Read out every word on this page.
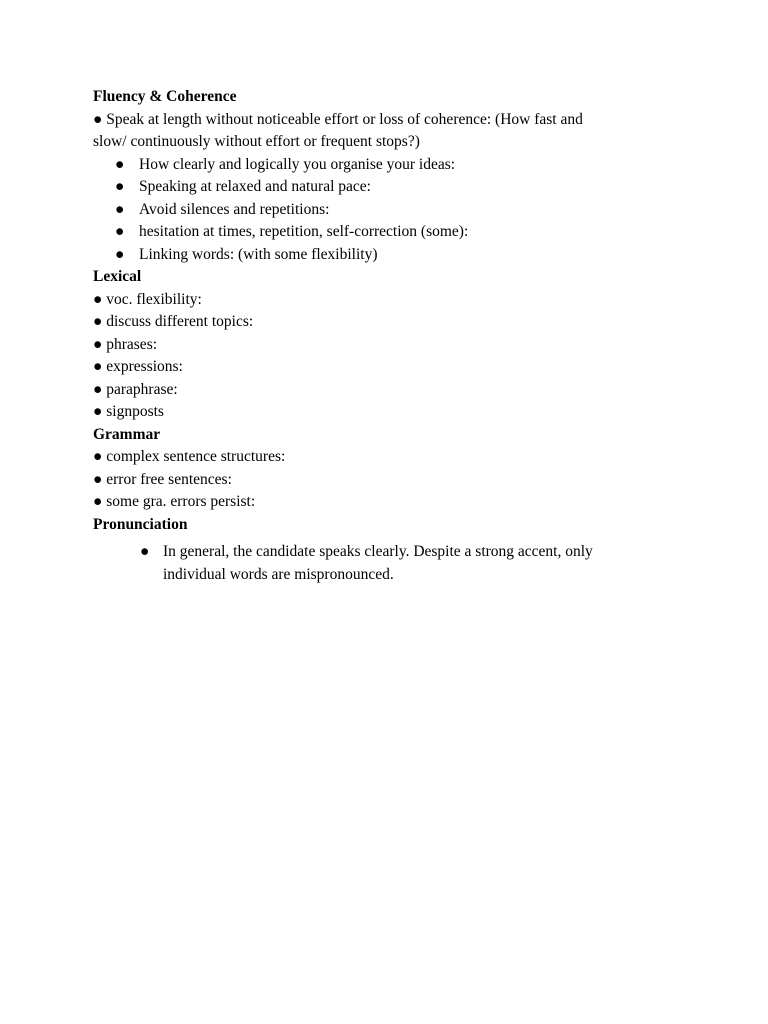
Fluency & Coherence
● Speak at length without noticeable effort or loss of coherence: (How fast and
slow/ continuously without effort or frequent stops?)
● How clearly and logically you organise your ideas:
● Speaking at relaxed and natural pace:
● Avoid silences and repetitions:
● hesitation at times, repetition, self-correction (some):
● Linking words: (with some flexibility)
Lexical
● voc. flexibility:
● discuss different topics:
● phrases:
● expressions:
● paraphrase:
● signposts
Grammar
● complex sentence structures:
● error free sentences:
● some gra. errors persist:
Pronunciation
● In general, the candidate speaks clearly. Despite a strong accent, only
individual words are mispronounced.
